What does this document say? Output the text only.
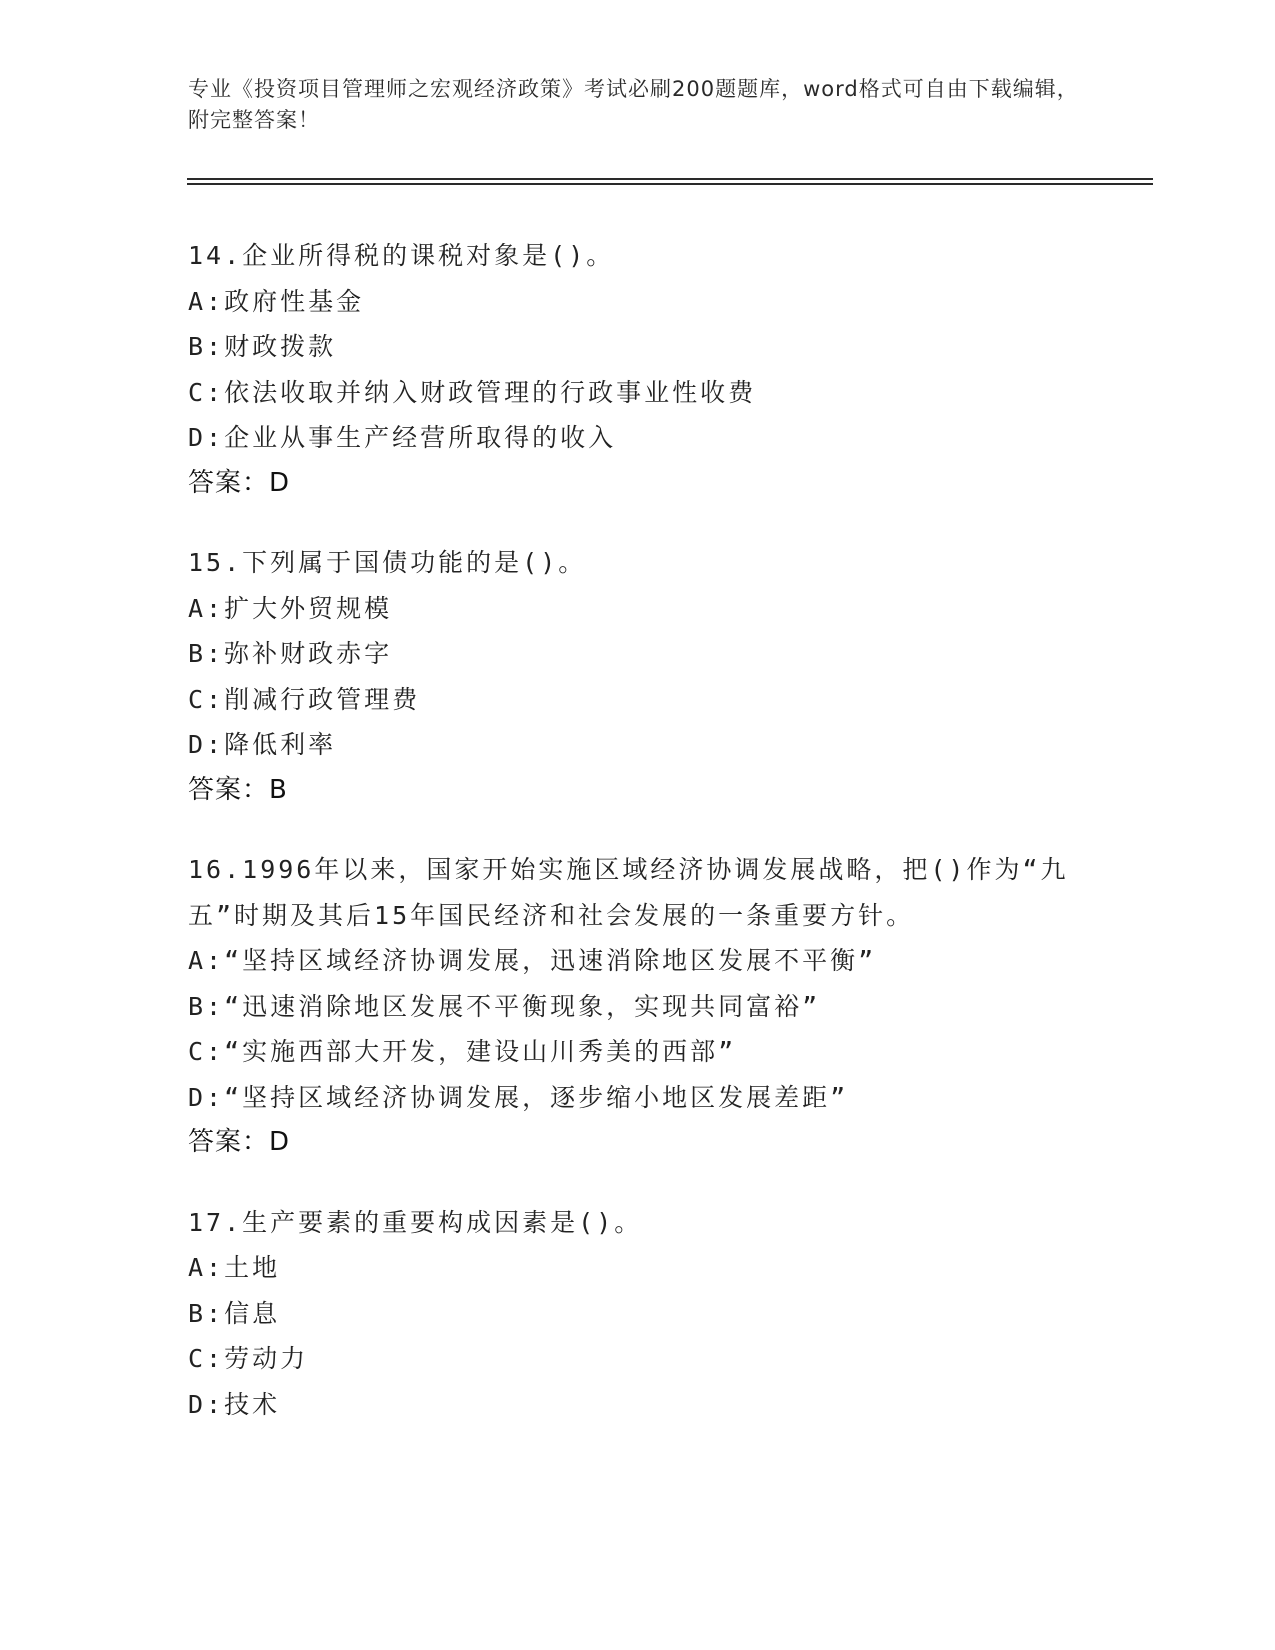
专业《投资项目管理师之宏观经济政策》考试必刷200题题库，word格式可自由下载编辑，附完整答案！
14.企业所得税的课税对象是()。
A:政府性基金
B:财政拨款
C:依法收取并纳入财政管理的行政事业性收费
D:企业从事生产经营所取得的收入
答案：D
15.下列属于国债功能的是()。
A:扩大外贸规模
B:弥补财政赤字
C:削减行政管理费
D:降低利率
答案：B
16.1996年以来，国家开始实施区域经济协调发展战略，把()作为“九五”时期及其后15年国民经济和社会发展的一条重要方针。
A:“坚持区域经济协调发展，迅速消除地区发展不平衡”
B:“迅速消除地区发展不平衡现象，实现共同富裕”
C:“实施西部大开发，建设山川秀美的西部”
D:“坚持区域经济协调发展，逐步缩小地区发展差距”
答案：D
17.生产要素的重要构成因素是()。
A:土地
B:信息
C:劳动力
D:技术
